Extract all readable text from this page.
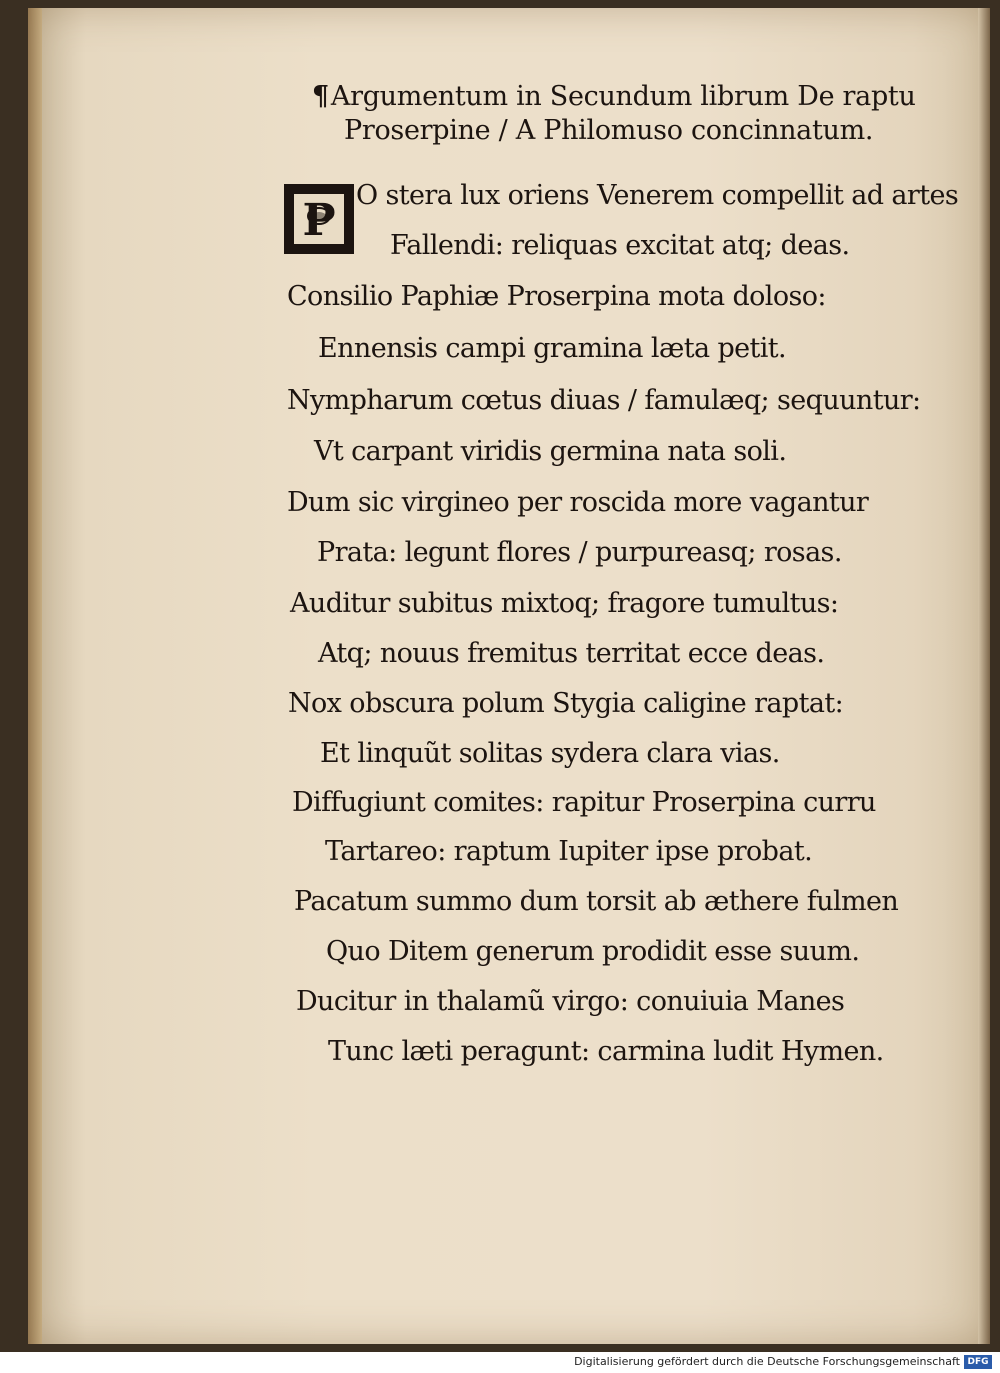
¶Argumentum in Secundum librum De raptu
Proserpine / A Philomuso concinnatum.
P O stera lux oriens Venerem compellit ad artes
Fallendi: reliquas excitat atq; deas.
Consilio Paphiæ Proserpina mota doloso:
Ennensis campi gramina læta petit.
Nympharum cœtus diuas / famulæq; sequuntur:
Vt carpant viridis germina nata soli.
Dum sic virgineo per roscida more vagantur
Prata: legunt flores / purpureasq; rosas.
Auditur subitus mixtoq; fragore tumultus:
Atq; nouus fremitus territat ecce deas.
Nox obscura polum Stygia caligine raptat:
Et linquũt solitas sydera clara vias.
Diffugiunt comites: rapitur Proserpina curru
Tartareo: raptum Iupiter ipse probat.
Pacatum summo dum torsit ab æthere fulmen
Quo Ditem generum prodidit esse suum.
Ducitur in thalamũ virgo: conuiuia Manes
Tunc læti peragunt: carmina ludit Hymen.
Digitalisierung gefördert durch die Deutsche Forschungsgemeinschaft DFG
